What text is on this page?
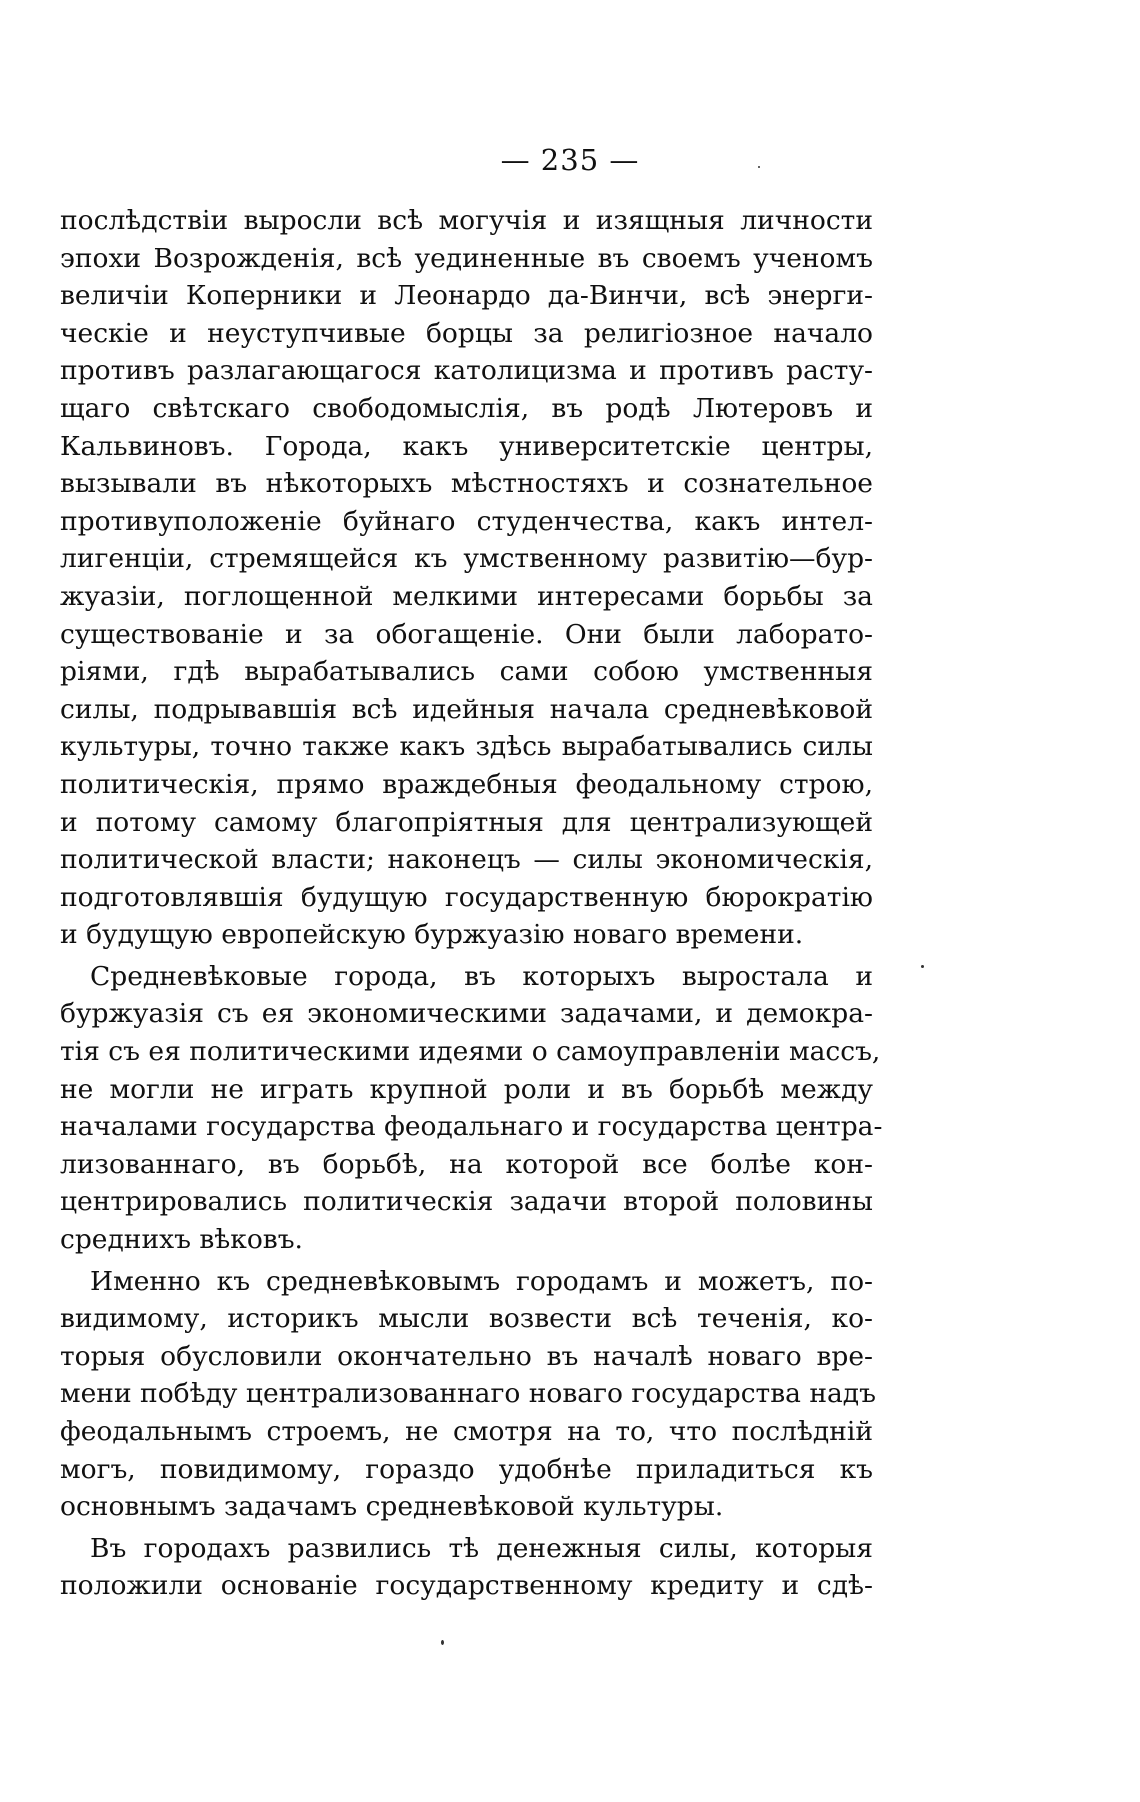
— 235 —
послѣдствіи выросли всѣ могучія и изящныя личности
эпохи Возрожденія, всѣ уединенные въ своемъ ученомъ
величіи Коперники и Леонардо да-Винчи, всѣ энерги-
ческіе и неуступчивые борцы за религіозное начало
противъ разлагающагося католицизма и противъ расту-
щаго свѣтскаго свободомыслія, въ родѣ Лютеровъ и
Кальвиновъ. Города, какъ университетскіе центры,
вызывали въ нѣкоторыхъ мѣстностяхъ и сознательное
противуположеніе буйнаго студенчества, какъ интел-
лигенціи, стремящейся къ умственному развитію—бур-
жуазіи, поглощенной мелкими интересами борьбы за
существованіе и за обогащеніе. Они были лаборато-
ріями, гдѣ вырабатывались сами собою умственныя
силы, подрывавшія всѣ идейныя начала средневѣковой
культуры, точно также какъ здѣсь вырабатывались силы
политическія, прямо враждебныя феодальному строю,
и потому самому благопріятныя для централизующей
политической власти; наконецъ — силы экономическія,
подготовлявшія будущую государственную бюрократію
и будущую европейскую буржуазію новаго времени.
Средневѣковые города, въ которыхъ выростала и
буржуазія съ ея экономическими задачами, и демокра-
тія съ ея политическими идеями о самоуправленіи массъ,
не могли не играть крупной роли и въ борьбѣ между
началами государства феодальнаго и государства центра-
лизованнаго, въ борьбѣ, на которой все болѣе кон-
центрировались политическія задачи второй половины
среднихъ вѣковъ.
Именно къ средневѣковымъ городамъ и можетъ, по-
видимому, историкъ мысли возвести всѣ теченія, ко-
торыя обусловили окончательно въ началѣ новаго вре-
мени побѣду централизованнаго новаго государства надъ
феодальнымъ строемъ, не смотря на то, что послѣдній
могъ, повидимому, гораздо удобнѣе приладиться къ
основнымъ задачамъ средневѣковой культуры.
Въ городахъ развились тѣ денежныя силы, которыя
положили основаніе государственному кредиту и сдѣ-
